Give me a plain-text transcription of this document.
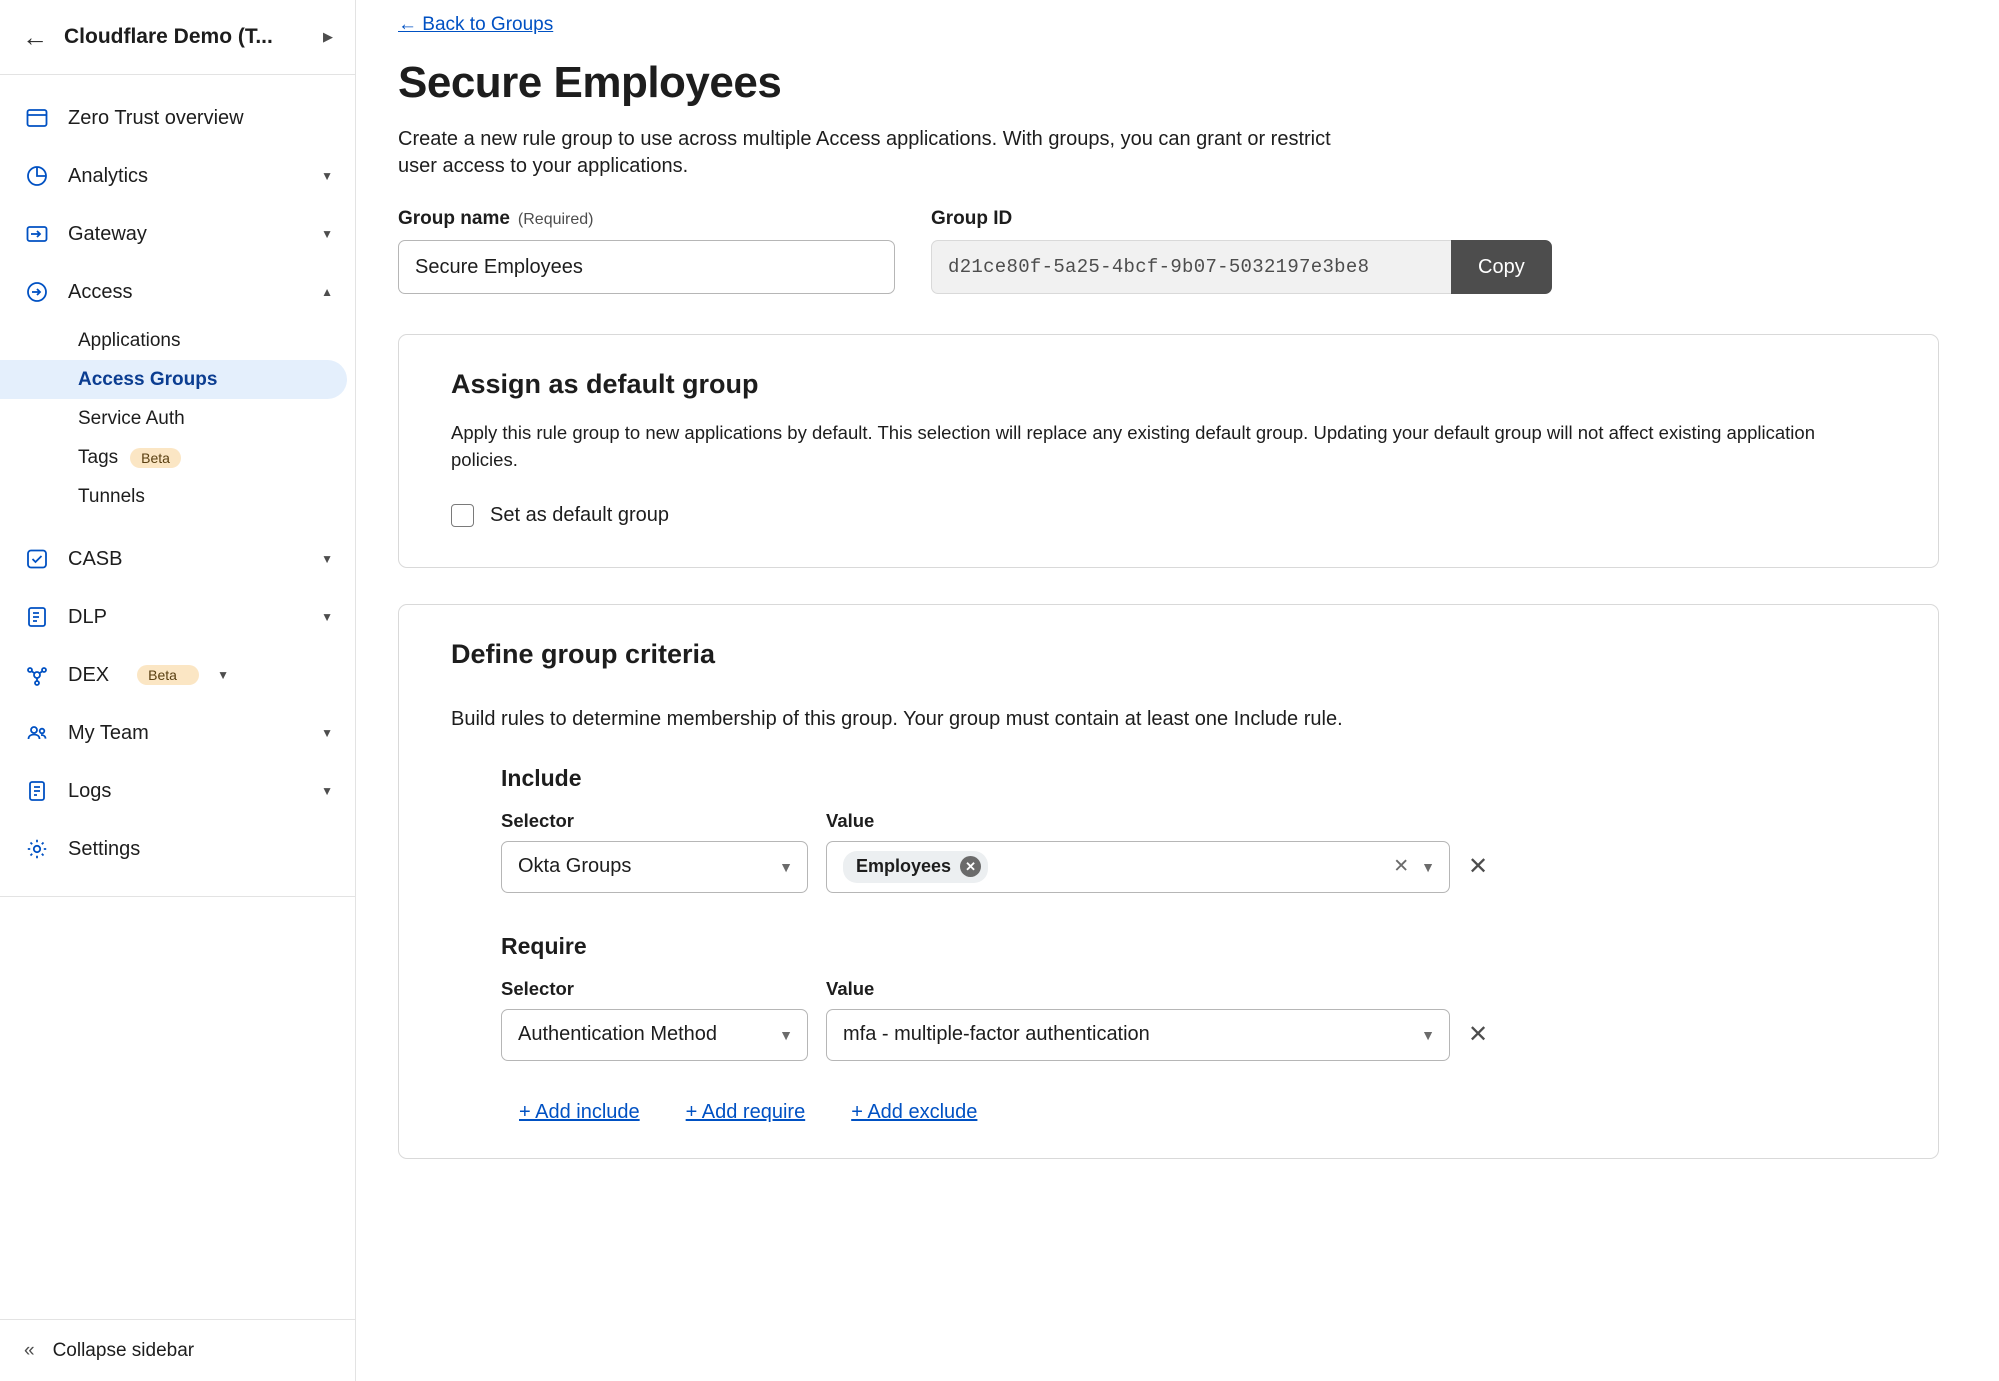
← Cloudflare Demo (T...	▶
Zero Trust overview
Analytics	▼
Gateway	▼
Access	▲
Applications
Access Groups
Service Auth
Tags	Beta
Tunnels
CASB	▼
DLP	▼
DEX	Beta	▼
My Team	▼
Logs	▼
Settings
« Collapse sidebar
← Back to Groups
Secure Employees
Create a new rule group to use across multiple Access applications. With groups, you can grant or restrict user access to your applications.
Group name (Required)
Secure Employees	Group ID
d21ce80f-5a25-4bcf-9b07-5032197e3be8	Copy
Assign as default group

Apply this rule group to new applications by default. This selection will replace any existing default group. Updating your default group will not affect existing application policies.

Set as default group
Define group criteria

Build rules to determine membership of this group. Your group must contain at least one Include rule.

Include
Selector
Okta Groups	▼
Value
Employees	✕	✕ ▼ ✕
Require
Selector
Authentication Method	▼
Value
mfa - multiple-factor authentication	▼ ✕
+ Add include + Add require + Add exclude
